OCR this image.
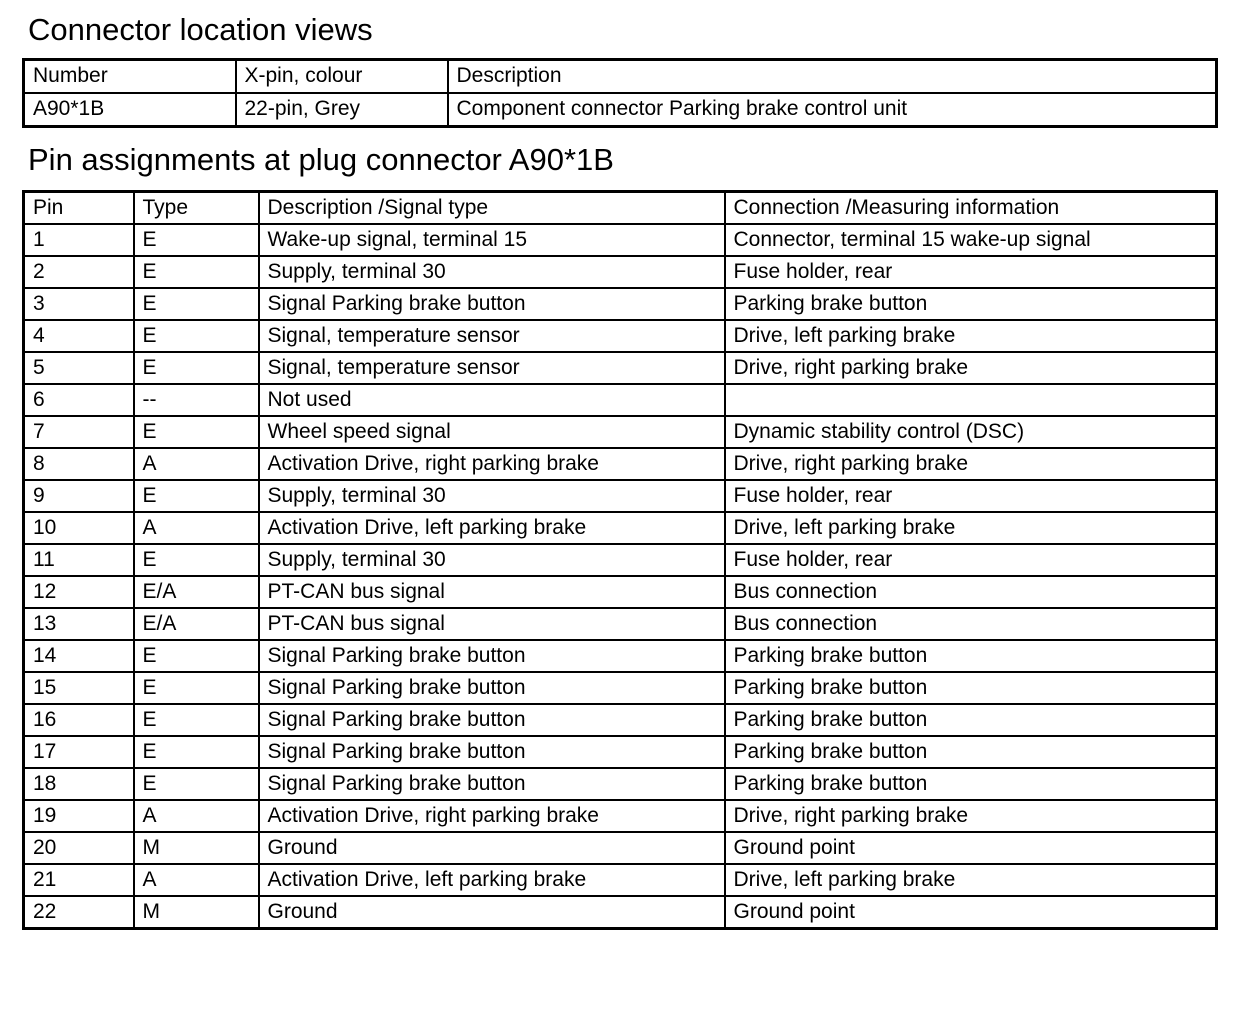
Connector location views
Number	X-pin, colour	Description
A90*1B	22-pin, Grey	Component connector Parking brake control unit
Pin assignments at plug connector A90*1B
Pin	Type	Description /Signal type	Connection /Measuring information
1	E	Wake-up signal, terminal 15	Connector, terminal 15 wake-up signal
2	E	Supply, terminal 30	Fuse holder, rear
3	E	Signal Parking brake button	Parking brake button
4	E	Signal, temperature sensor	Drive, left parking brake
5	E	Signal, temperature sensor	Drive, right parking brake
6	--	Not used	
7	E	Wheel speed signal	Dynamic stability control (DSC)
8	A	Activation Drive, right parking brake	Drive, right parking brake
9	E	Supply, terminal 30	Fuse holder, rear
10	A	Activation Drive, left parking brake	Drive, left parking brake
11	E	Supply, terminal 30	Fuse holder, rear
12	E/A	PT-CAN bus signal	Bus connection
13	E/A	PT-CAN bus signal	Bus connection
14	E	Signal Parking brake button	Parking brake button
15	E	Signal Parking brake button	Parking brake button
16	E	Signal Parking brake button	Parking brake button
17	E	Signal Parking brake button	Parking brake button
18	E	Signal Parking brake button	Parking brake button
19	A	Activation Drive, right parking brake	Drive, right parking brake
20	M	Ground	Ground point
21	A	Activation Drive, left parking brake	Drive, left parking brake
22	M	Ground	Ground point
